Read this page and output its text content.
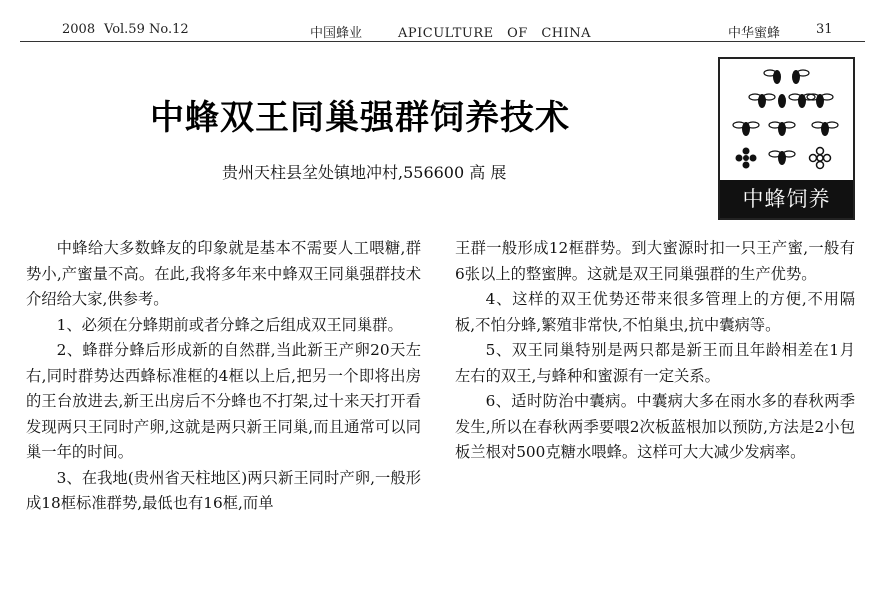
2008 Vol.59 No.12	中国蜂业	APICULTURE　OF　CHINA	中华蜜蜂	31
中蜂双王同巢强群饲养技术
贵州天柱县坌处镇地冲村,556600 高 展
中蜂饲养

中蜂给大多数蜂友的印象就是基本不需要人工喂糖,群势小,产蜜量不高。在此,我将多年来中蜂双王同巢强群技术介绍给大家,供参考。

1、必须在分蜂期前或者分蜂之后组成双王同巢群。

2、蜂群分蜂后形成新的自然群,当此新王产卵20天左右,同时群势达西蜂标准框的4框以上后,把另一个即将出房的王台放进去,新王出房后不分蜂也不打架,过十来天打开看发现两只王同时产卵,这就是两只新王同巢,而且通常可以同巢一年的时间。

3、在我地(贵州省天柱地区)两只新王同时产卵,一般形成18框标准群势,最低也有16框,而单

王群一般形成12框群势。到大蜜源时扣一只王产蜜,一般有6张以上的整蜜脾。这就是双王同巢强群的生产优势。

4、这样的双王优势还带来很多管理上的方便,不用隔板,不怕分蜂,繁殖非常快,不怕巢虫,抗中囊病等。

5、双王同巢特别是两只都是新王而且年龄相差在1月左右的双王,与蜂种和蜜源有一定关系。

6、适时防治中囊病。中囊病大多在雨水多的春秋两季发生,所以在春秋两季要喂2次板蓝根加以预防,方法是2小包板兰根对500克糖水喂蜂。这样可大大减少发病率。
